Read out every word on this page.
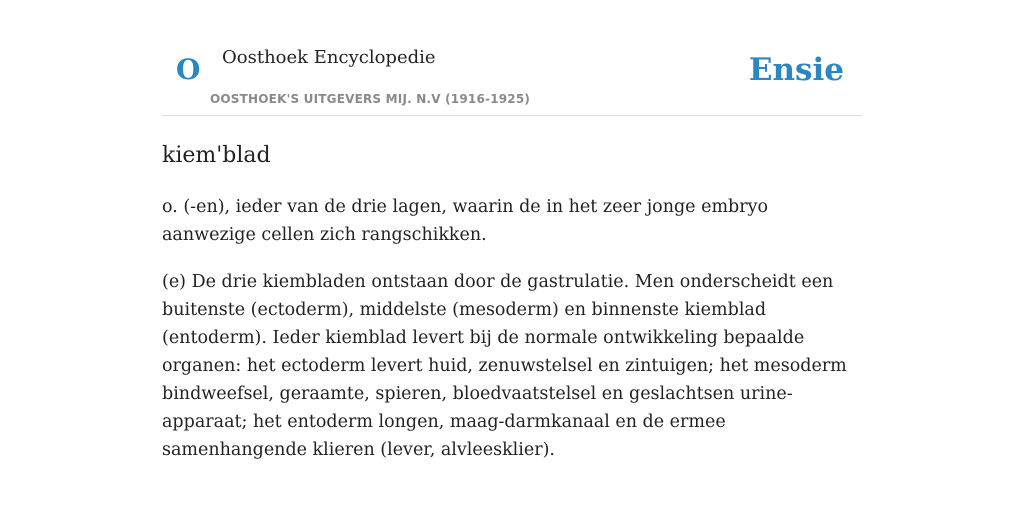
O Oosthoek Encyclopedie
OOSTHOEK'S UITGEVERS MIJ. N.V (1916-1925)
Ensie
kiem'blad

o. (-en), ieder van de drie lagen, waarin de in het zeer jonge embryo aanwezige cellen zich rangschikken.

(e) De drie kiembladen ontstaan door de gastrulatie. Men onderscheidt een buitenste (ectoderm), middelste (mesoderm) en binnenste kiemblad (entoderm). Ieder kiemblad levert bij de normale ontwikkeling bepaalde organen: het ectoderm levert huid, zenuwstelsel en zintuigen; het mesoderm bindweefsel, geraamte, spieren, bloedvaatstelsel en geslachtsen urine-apparaat; het entoderm longen, maag-darmkanaal en de ermee samenhangende klieren (lever, alvleesklier).
